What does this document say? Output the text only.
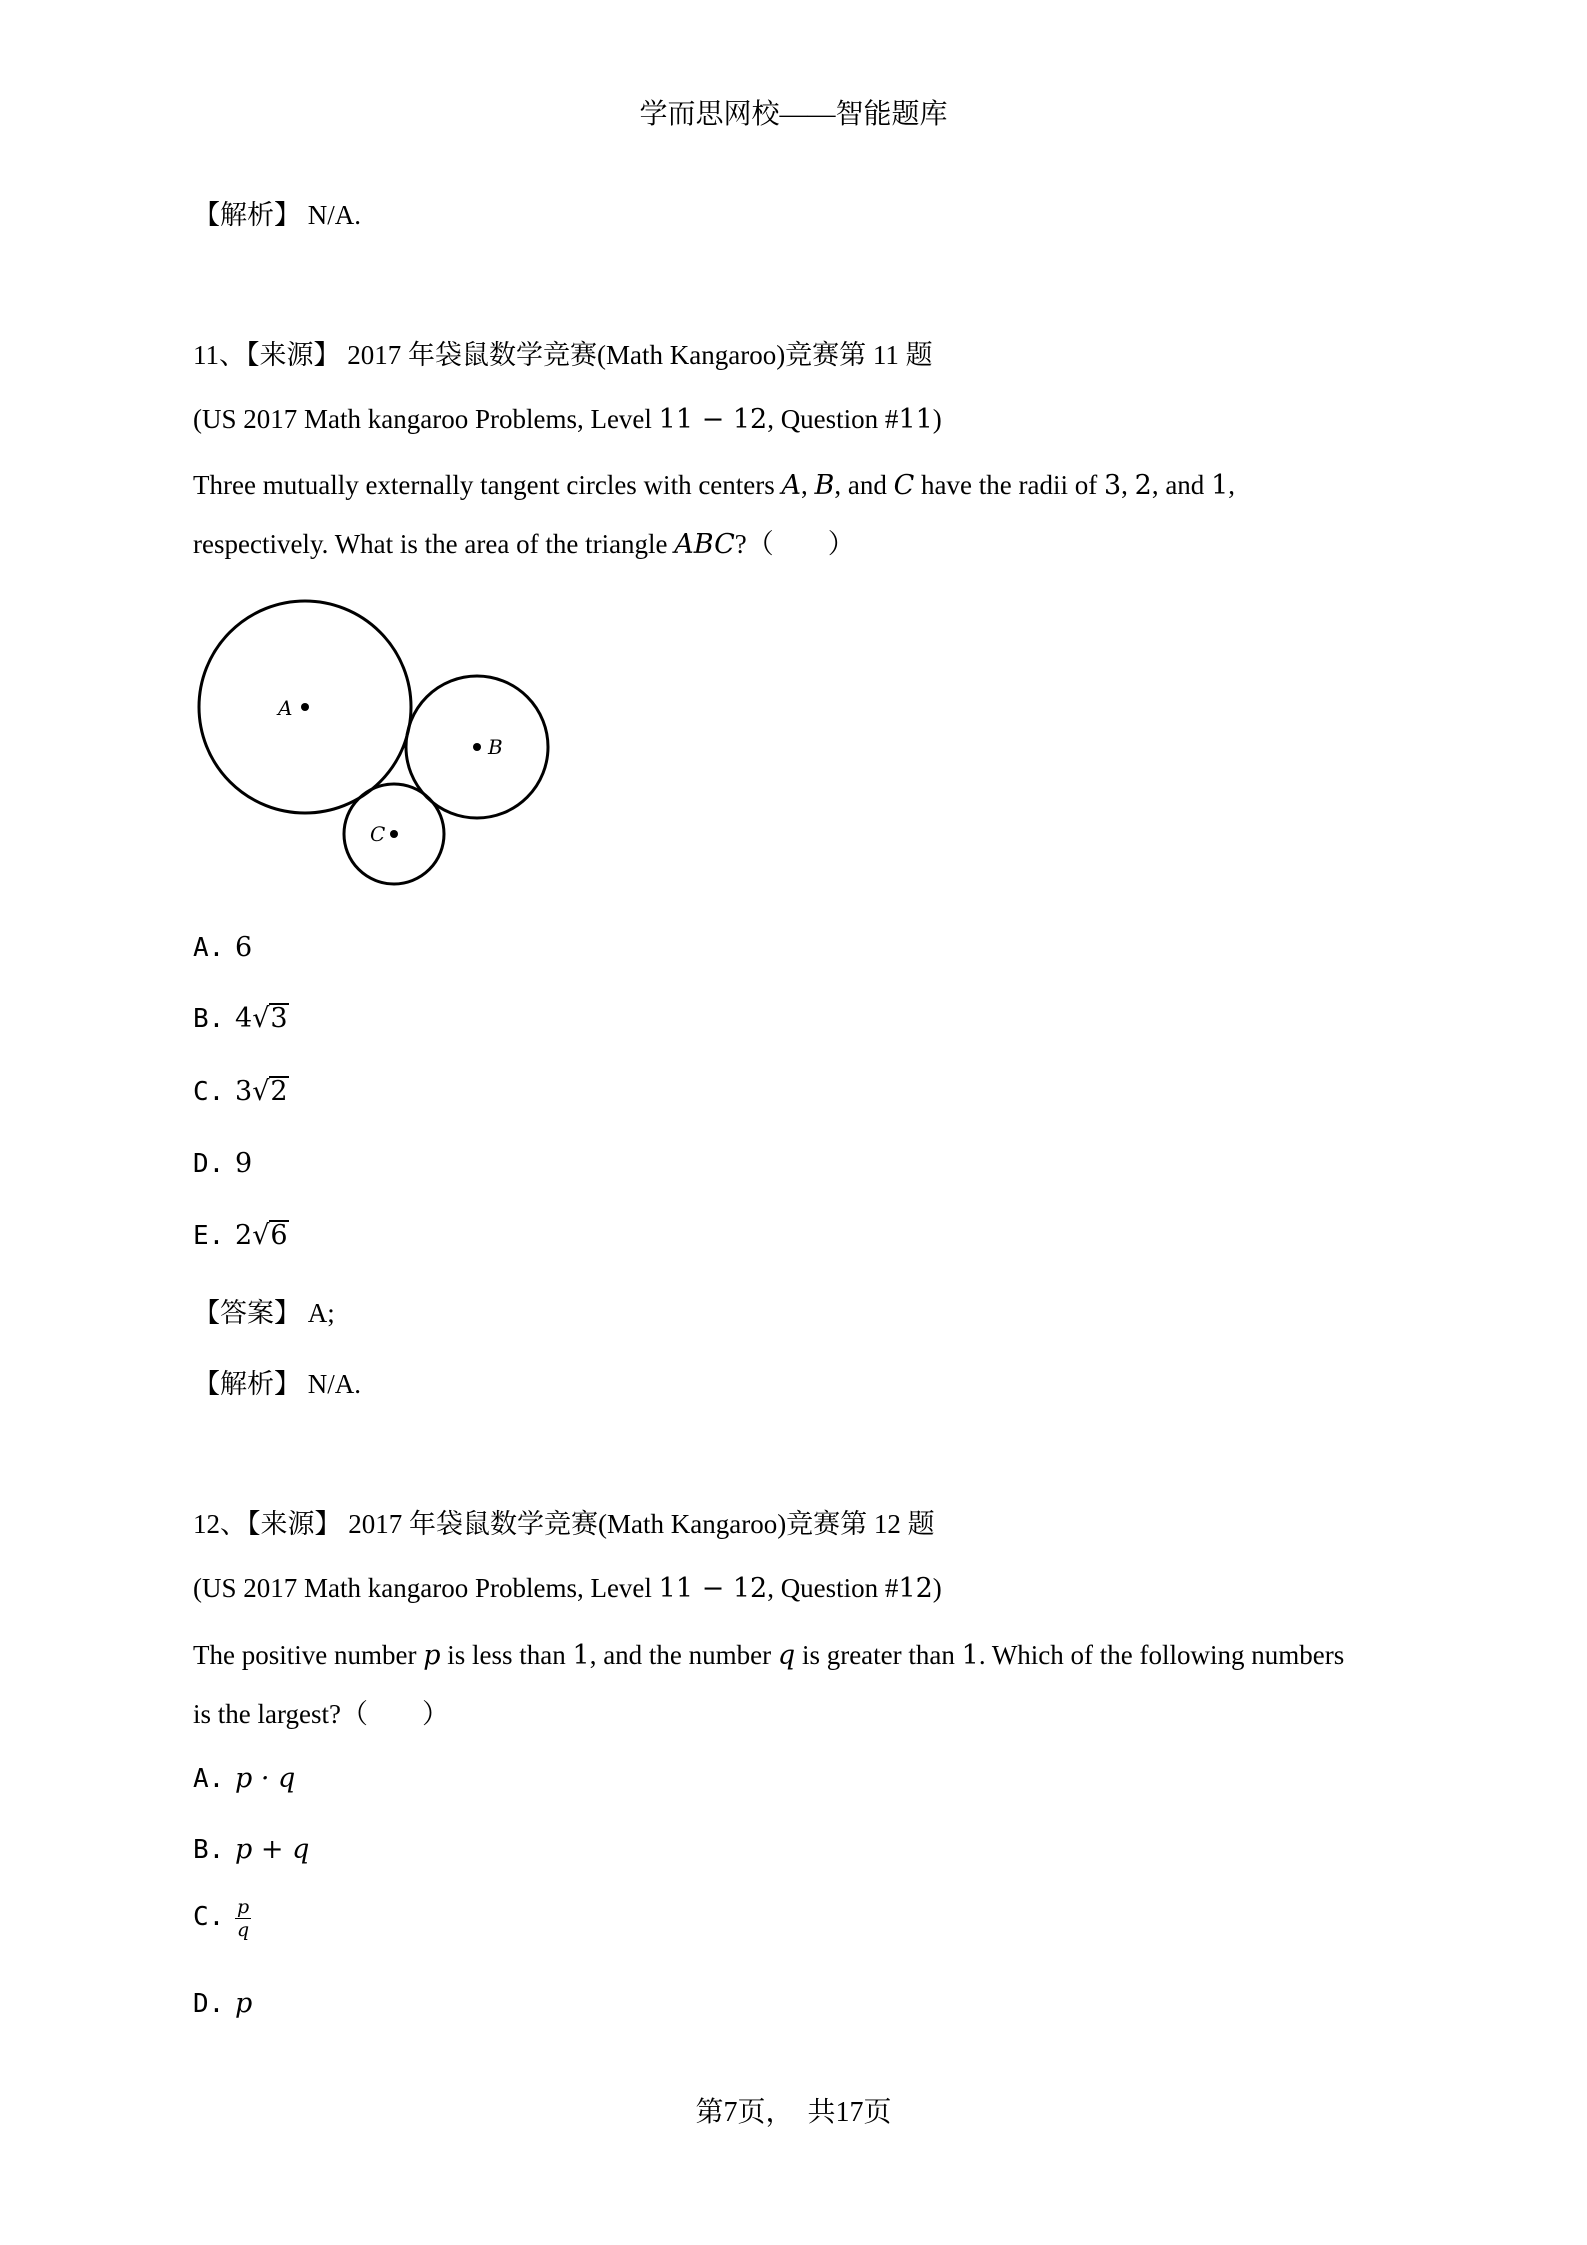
学而思网校——智能题库
【解析】 N/A.
11、【来源】 2017 年袋鼠数学竞赛(Math Kangaroo)竞赛第 11 题
(US 2017 Math kangaroo Problems, Level 11 − 12, Question #11)
Three mutually externally tangent circles with centers A, B, and C have the radii of 3, 2, and 1,
respectively. What is the area of the triangle ABC?（　　）
A
B
C
A. 6
B. 4√3
C. 3√2
D. 9
E. 2√6
【答案】 A;
【解析】 N/A.
12、【来源】 2017 年袋鼠数学竞赛(Math Kangaroo)竞赛第 12 题
(US 2017 Math kangaroo Problems, Level 11 − 12, Question #12)
The positive number p is less than 1, and the number q is greater than 1. Which of the following numbers
is the largest?（　　）
A. p · q
B. p + q
C. $\frac{p}{q}$
D. p
第7页，　共17页
